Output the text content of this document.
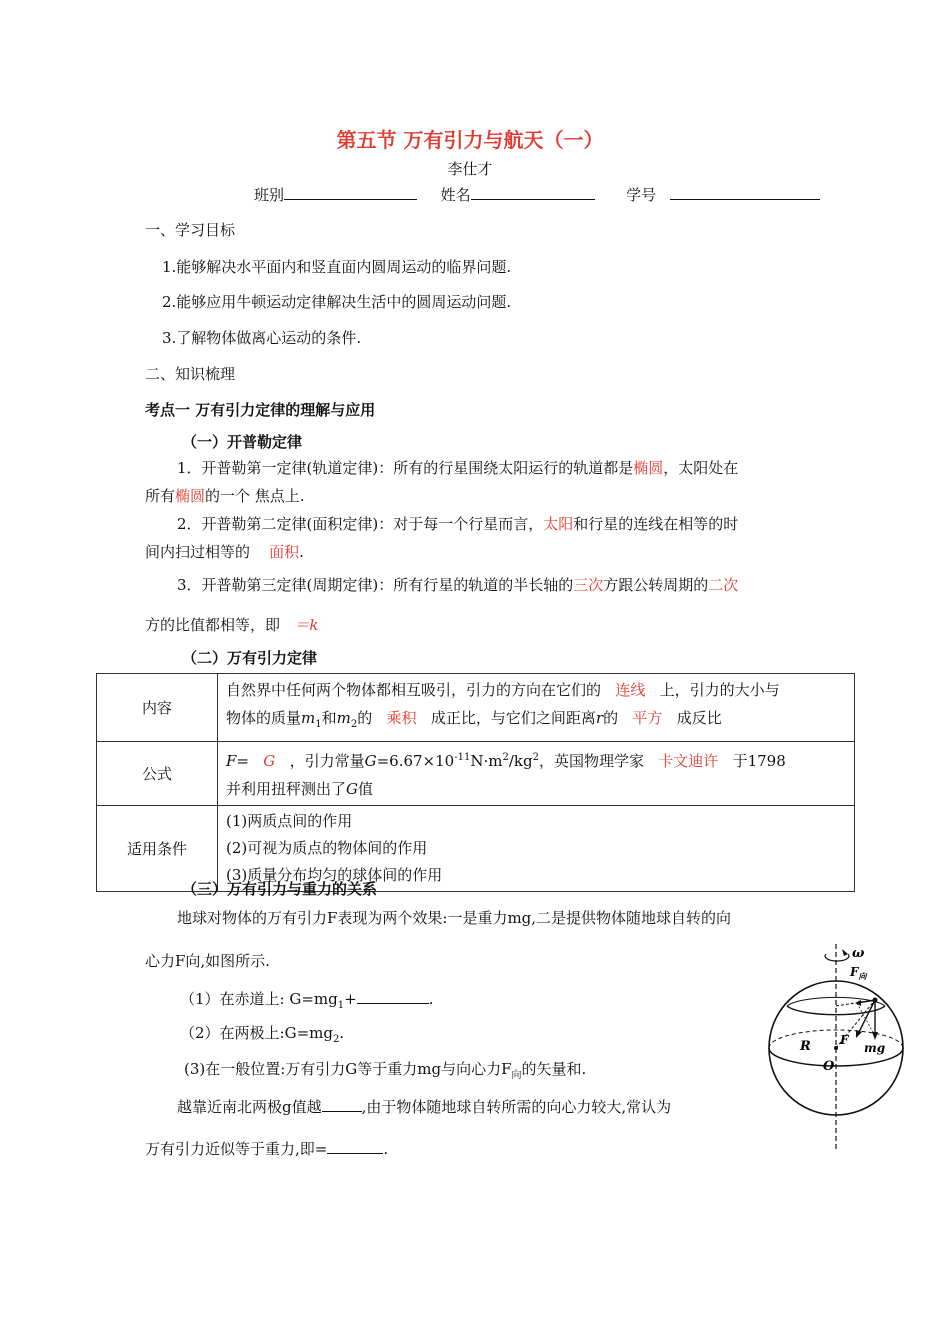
第五节 万有引力与航天（一）
李仕才
班别	姓名	学号
一、学习目标
1.能够解决水平面内和竖直面内圆周运动的临界问题.
2.能够应用牛顿运动定律解决生活中的圆周运动问题.
3.了解物体做离心运动的条件.
二、知识梳理
考点一 万有引力定律的理解与应用
（一）开普勒定律
1．开普勒第一定律(轨道定律)：所有的行星围绕太阳运行的轨道都是椭圆，太阳处在
所有椭圆的一个 焦点上.
2．开普勒第二定律(面积定律)：对于每一个行星而言，太阳和行星的连线在相等的时
间内扫过相等的    面积.
3．开普勒第三定律(周期定律)：所有行星的轨道的半长轴的三次方跟公转周期的二次
方的比值都相等，即   ＝k
（二）万有引力定律
内容	自然界中任何两个物体都相互吸引，引力的方向在它们的   连线   上，引力的大小与
物体的质量$m_1$和$m_2$的   乘积   成正比，与它们之间距离r的   平方   成反比
公式	F=   G   ，引力常量$G=6.67\times 10^{-11}N\cdot m^2/kg^2$，英国物理学家   卡文迪许   于1798
并利用扭秤测出了G值
适用条件	(1)两质点间的作用
(2)可视为质点的物体间的作用
(3)质量分布均匀的球体间的作用
（三）万有引力与重力的关系
地球对物体的万有引力F表现为两个效果:一是重力mg,二是提供物体随地球自转的向
心力F向,如图所示.
（1）在赤道上: $G=mg_1+$	.
（2）在两极上$:G=mg_2$.
(3)在一般位置:万有引力G等于重力mg与向心力$F_向$的矢量和.
越靠近南北两极g值越	,由于物体随地球自转所需的向心力较大,常认为
万有引力近似等于重力,即=	.
ω
$F_向$
mg
F
R
O
